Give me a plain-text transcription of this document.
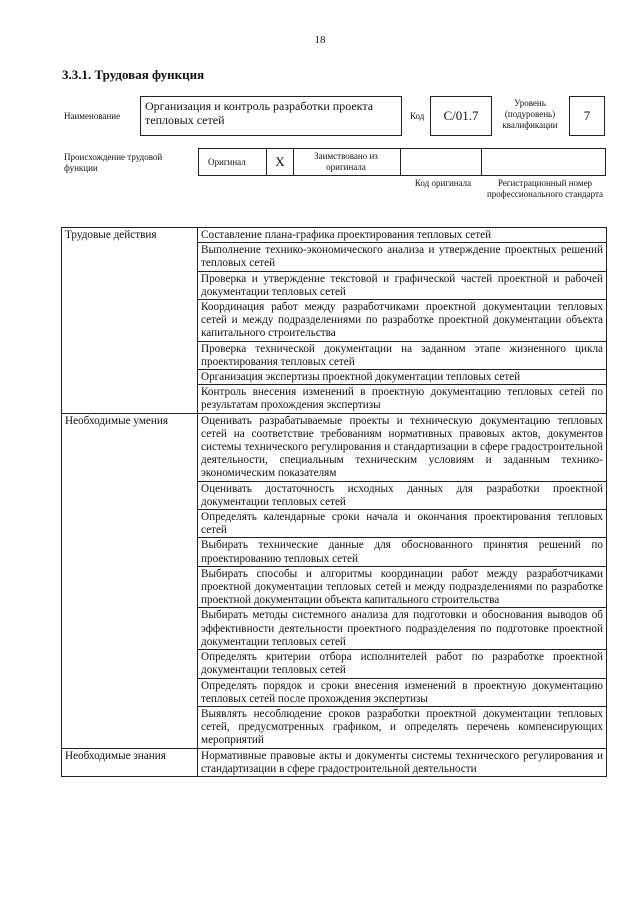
18
3.3.1. Трудовая функция
Наименование
Организация и контроль разработки проекта тепловых сетей	Код C/01.7
Уровень (подуровень) квалификации
7
Происхождение трудовой функции
Оригинал X	Заимствовано из оригинала
Код оригинала	Регистрационный номер профессионального стандарта
Трудовые действия	Составление плана-графика проектирования тепловых сетей
	Выполнение технико-экономического анализа и утверждение проектных решений тепловых сетей
	Проверка и утверждение текстовой и графической частей проектной и рабочей документации тепловых сетей
	Координация работ между разработчиками проектной документации тепловых сетей и между подразделениями по разработке проектной документации объекта капитального строительства
	Проверка технической документации на заданном этапе жизненного цикла проектирования тепловых сетей
	Организация экспертизы проектной документации тепловых сетей
	Контроль внесения изменений в проектную документацию тепловых сетей по результатам прохождения экспертизы
Необходимые умения	Оценивать разрабатываемые проекты и техническую документацию тепловых сетей на соответствие требованиям нормативных правовых актов, документов системы технического регулирования и стандартизации в сфере градостроительной деятельности, специальным техническим условиям и заданным технико-экономическим показателям
	Оценивать достаточность исходных данных для разработки проектной документации тепловых сетей
	Определять календарные сроки начала и окончания проектирования тепловых сетей
	Выбирать технические данные для обоснованного принятия решений по проектированию тепловых сетей
	Выбирать способы и алгоритмы координации работ между разработчиками проектной документации тепловых сетей и между подразделениями по разработке проектной документации объекта капитального строительства
	Выбирать методы системного анализа для подготовки и обоснования выводов об эффективности деятельности проектного подразделения по подготовке проектной документации тепловых сетей
	Определять критерии отбора исполнителей работ по разработке проектной документации тепловых сетей
	Определять порядок и сроки внесения изменений в проектную документацию тепловых сетей после прохождения экспертизы
	Выявлять несоблюдение сроков разработки проектной документации тепловых сетей, предусмотренных графиком, и определять перечень компенсирующих мероприятий
Необходимые знания	Нормативные правовые акты и документы системы технического регулирования и стандартизации в сфере градостроительной деятельности
